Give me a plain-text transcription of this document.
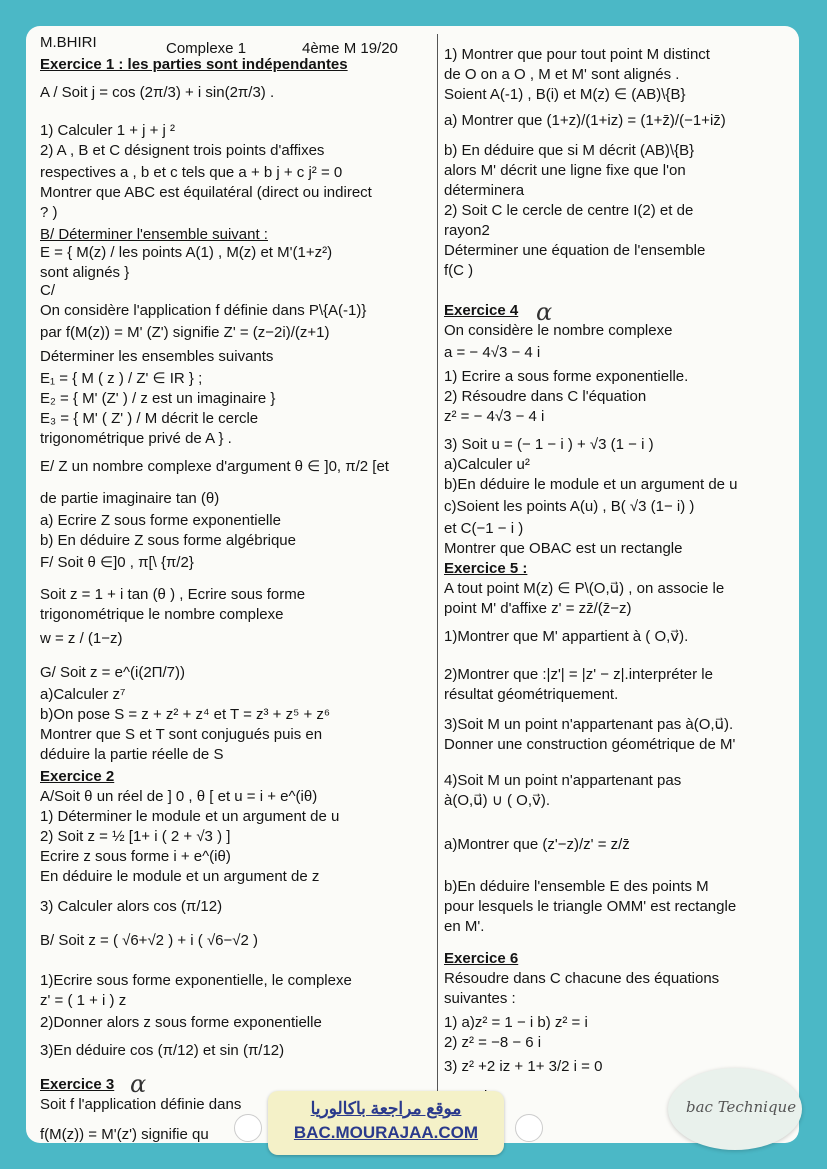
M.BHIRI	Complexe 1	4ème M 19/20
Exercice 1 : les parties sont indépendantes
A / Soit j = cos (2π/3) + i sin(2π/3) .
1) Calculer 1 + j + j ²
2) A , B et C désignent trois points d'affixes
respectives a , b et c tels que a + b j + c j² = 0
Montrer que ABC est équilatéral (direct ou indirect
? )
B/ Déterminer l'ensemble suivant :
E = { M(z) / les points A(1) , M(z) et M'(1+z²)
sont alignés }
C/
On considère l'application f définie dans P\{A(-1)}
par f(M(z)) = M' (Z') signifie Z' = (z−2i)/(z+1)
Déterminer les ensembles suivants
E₁ = { M ( z ) / Z' ∈ IR } ;
E₂ = { M' (Z' ) / z est un imaginaire }
E₃ = { M' ( Z' ) / M décrit le cercle
trigonométrique privé de A } .
E/ Z un nombre complexe d'argument θ ∈ ]0, π/2 [et
de partie imaginaire tan (θ)
a) Ecrire Z sous forme exponentielle
b) En déduire Z sous forme algébrique
F/ Soit θ ∈]0 , π[\ {π/2}
Soit z = 1 + i tan (θ ) , Ecrire sous forme
trigonométrique le nombre complexe
w = z / (1−z)
G/ Soit z = e^(i(2Π/7))
a)Calculer z⁷
b)On pose S = z + z² + z⁴ et T = z³ + z⁵ + z⁶
Montrer que S et T sont conjugués puis en
déduire la partie réelle de S
Exercice 2
A/Soit θ un réel de ] 0 , θ [ et u = i + e^(iθ)
1) Déterminer le module et un argument de u
2) Soit z = ½ [1+ i ( 2 + √3 ) ]
Ecrire z sous forme i + e^(iθ)
En déduire le module et un argument de z
3) Calculer alors cos (π/12)
B/ Soit z = ( √6+√2 ) + i ( √6−√2 )
1)Ecrire sous forme exponentielle, le complexe
z' = ( 1 + i ) z
2)Donner alors z sous forme exponentielle
3)En déduire cos (π/12) et sin (π/12)
Exercice 3
Soit f l'application définie dans
f(M(z)) = M'(z') signifie qu
1) Montrer que pour tout point M distinct
de O on a O , M et M' sont alignés .
Soient A(-1) , B(i) et M(z) ∈ (AB)\{B}
a) Montrer que (1+z)/(1+iz) = (1+z̄)/(−1+iz̄)
b) En déduire que si M décrit (AB)\{B}
alors M' décrit une ligne fixe que l'on
déterminera
2) Soit C le cercle de centre I(2) et de
rayon2
Déterminer une équation de l'ensemble
f(C )
Exercice 4
On considère le nombre complexe
a = − 4√3 − 4 i
1) Ecrire a sous forme exponentielle.
2) Résoudre dans C l'équation
z² = − 4√3 − 4 i
3) Soit u = (− 1 − i ) + √3 (1 − i )
a)Calculer u²
b)En déduire le module et un argument de u
c)Soient les points A(u) , B( √3 (1− i) )
et C(−1 − i )
Montrer que OBAC est un rectangle
Exercice 5 :
A tout point M(z) ∈ P\(O,u⃗) , on associe le
point M' d'affixe z' = zz̄/(z̄−z)
1)Montrer que M' appartient à ( O,v⃗).
2)Montrer que :|z'| = |z' − z|.interpréter le
résultat géométriquement.
3)Soit M un point n'appartenant pas à(O,u⃗).
Donner une construction géométrique de M'
4)Soit M un point n'appartenant pas
à(O,u⃗) ∪ ( O,v⃗).
a)Montrer que (z'−z)/z' = z/z̄
b)En déduire l'ensemble E des points M
pour lesquels le triangle OMM' est rectangle
en M'.
Exercice 6
Résoudre dans C chacune des équations
suivantes :
1) a)z² = 1 − i b) z² = i
2) z² = −8 − 6 i
3) z² +2 iz + 1+ 3/2 i = 0
α
α
موقع مراجعة باكالوريا
BAC.MOURAJAA.COM
bac Technique
